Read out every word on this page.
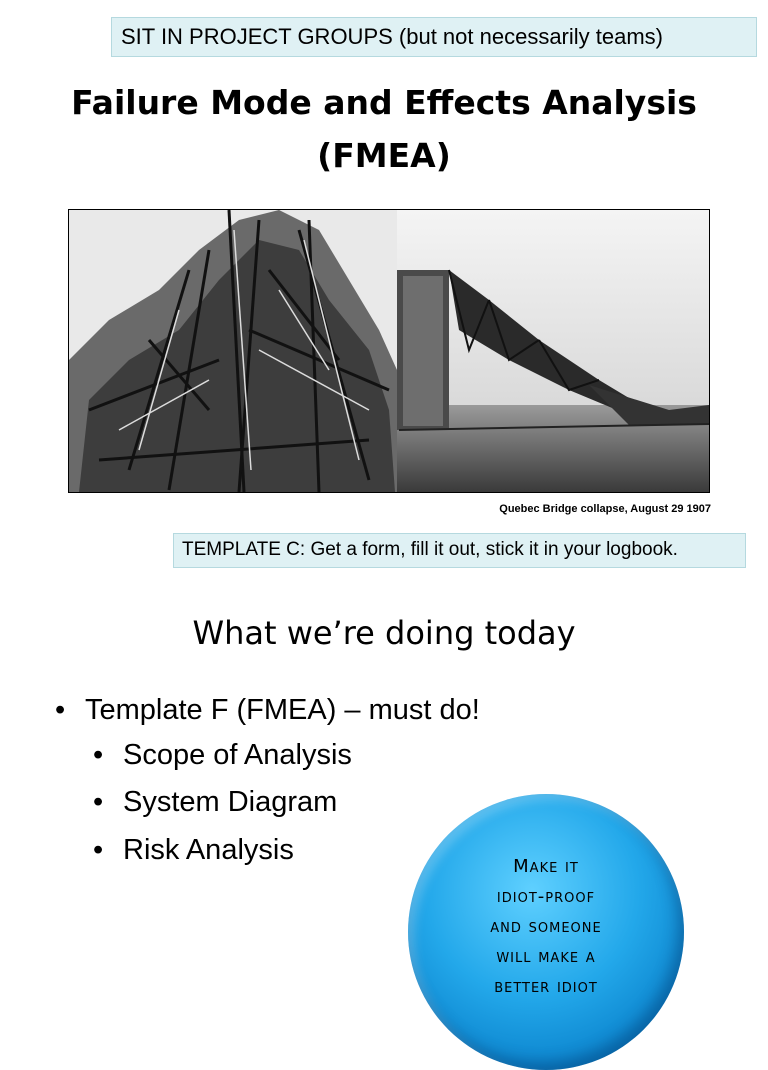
SIT IN PROJECT GROUPS (but not necessarily teams)
Failure Mode and Effects Analysis
(FMEA)
Quebec Bridge collapse, August 29 1907
TEMPLATE C: Get a form, fill it out, stick it in your logbook.
What we’re doing today
• Template F (FMEA) – must do!
• Scope of Analysis
• System Diagram
• Risk Analysis
Make it
idiot-proof
and someone
will make a
better idiot
